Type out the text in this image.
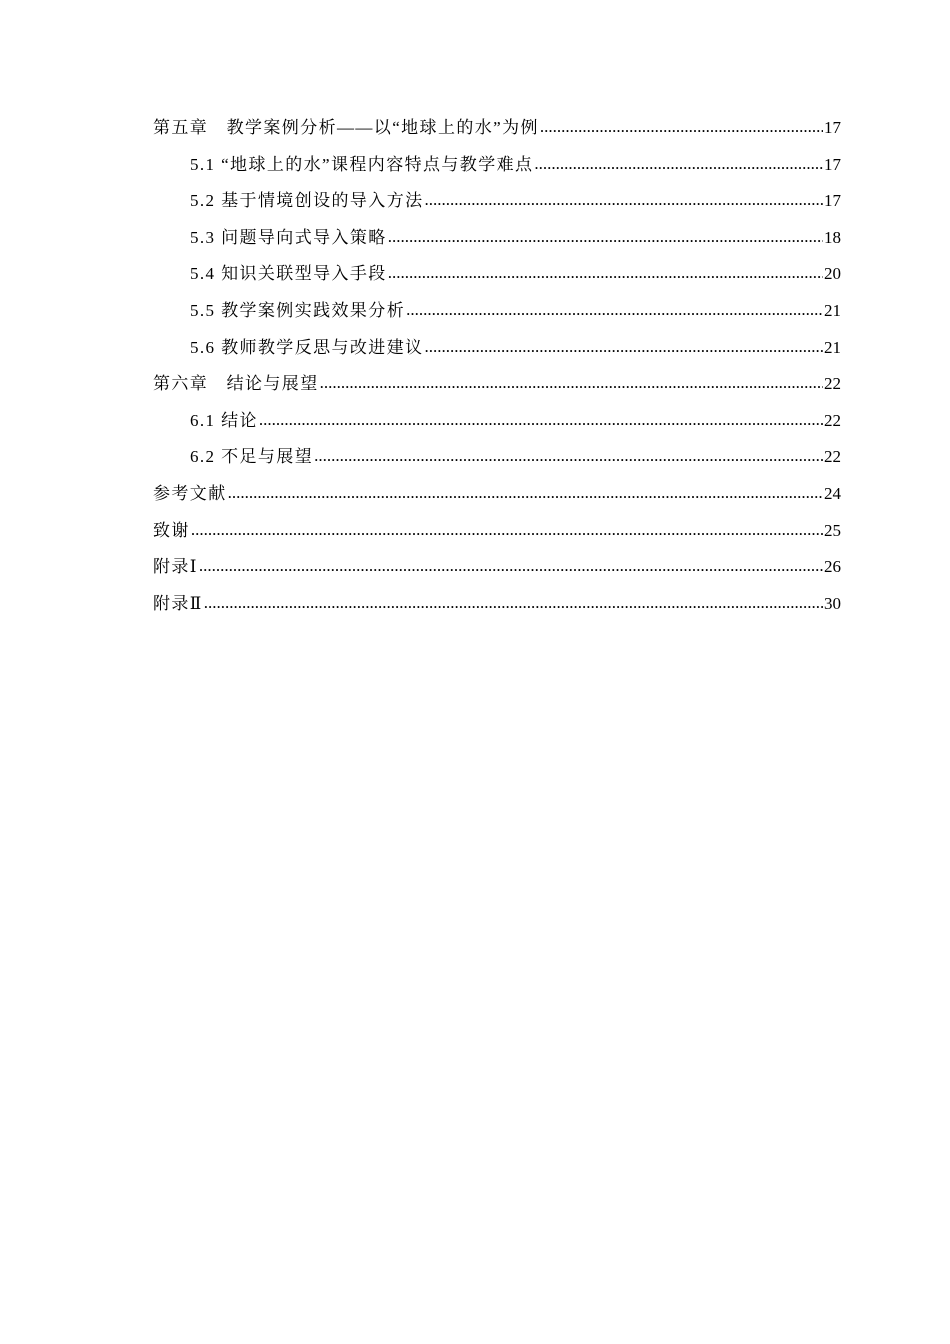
第五章　教学案例分析——以“地球上的水”为例 .....	17
5.1 “地球上的水”课程内容特点与教学难点 .....	17
5.2 基于情境创设的导入方法 .....	17
5.3 问题导向式导入策略 .....	18
5.4 知识关联型导入手段 .....	20
5.5 教学案例实践效果分析 .....	21
5.6 教师教学反思与改进建议 .....	21
第六章　结论与展望 .....	22
6.1 结论 .....	22
6.2 不足与展望 .....	22
参考文献 .....	24
致谢 .....	25
附录Ⅰ .....	26
附录Ⅱ .....	30
